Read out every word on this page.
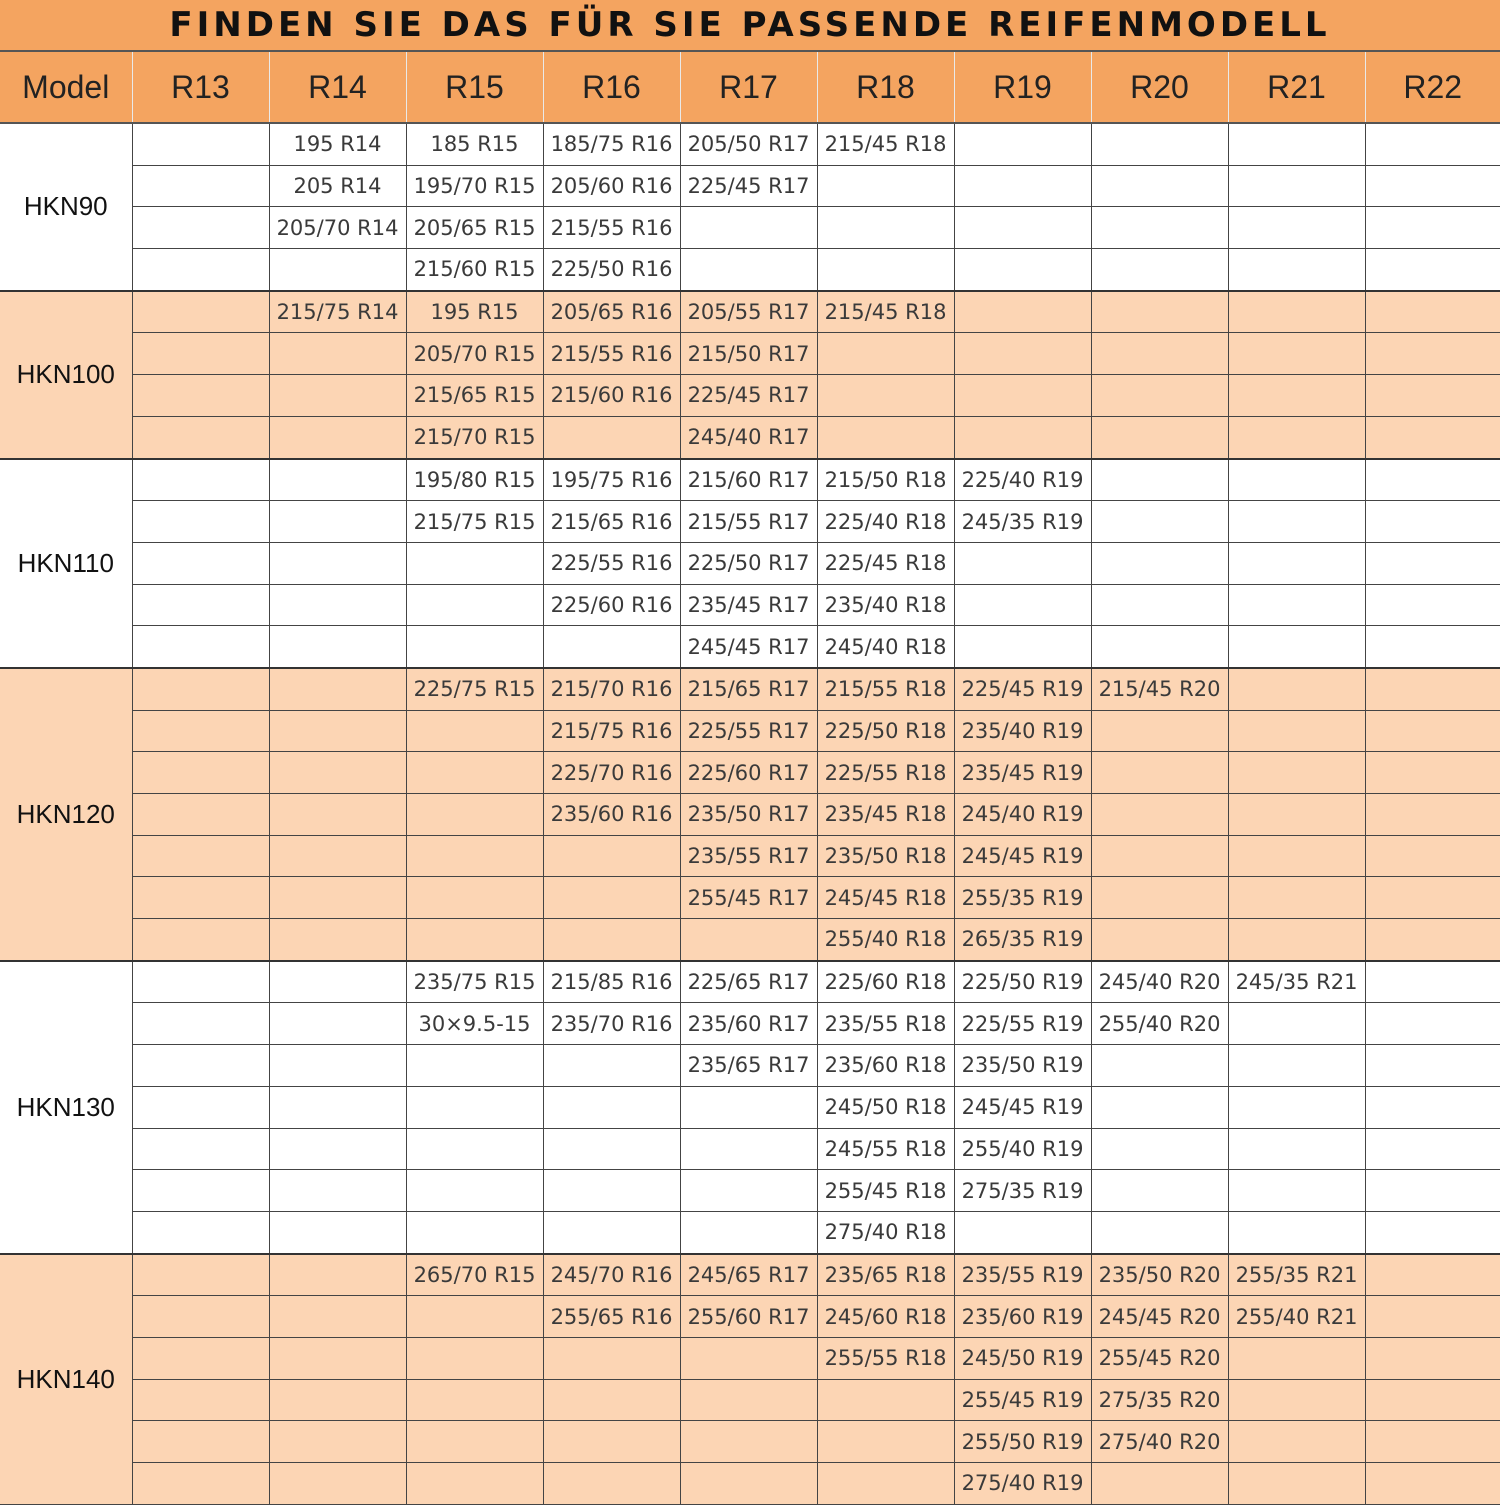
FINDEN SIE DAS FÜR SIE PASSENDE REIFENMODELL
Model	R13	R14	R15	R16	R17	R18	R19	R20	R21	R22
HKN90		195 R14	185 R15	185/75 R16	205/50 R17	215/45 R18				
		205 R14	195/70 R15	205/60 R16	225/45 R17					
		205/70 R14	205/65 R15	215/55 R16						
			215/60 R15	225/50 R16						
HKN100		215/75 R14	195 R15	205/65 R16	205/55 R17	215/45 R18				
			205/70 R15	215/55 R16	215/50 R17					
			215/65 R15	215/60 R16	225/45 R17					
			215/70 R15		245/40 R17					
HKN110			195/80 R15	195/75 R16	215/60 R17	215/50 R18	225/40 R19			
			215/75 R15	215/65 R16	215/55 R17	225/40 R18	245/35 R19			
				225/55 R16	225/50 R17	225/45 R18				
				225/60 R16	235/45 R17	235/40 R18				
					245/45 R17	245/40 R18				
HKN120			225/75 R15	215/70 R16	215/65 R17	215/55 R18	225/45 R19	215/45 R20		
				215/75 R16	225/55 R17	225/50 R18	235/40 R19			
				225/70 R16	225/60 R17	225/55 R18	235/45 R19			
				235/60 R16	235/50 R17	235/45 R18	245/40 R19			
					235/55 R17	235/50 R18	245/45 R19			
					255/45 R17	245/45 R18	255/35 R19			
						255/40 R18	265/35 R19			
HKN130			235/75 R15	215/85 R16	225/65 R17	225/60 R18	225/50 R19	245/40 R20	245/35 R21	
			30×9.5-15	235/70 R16	235/60 R17	235/55 R18	225/55 R19	255/40 R20		
					235/65 R17	235/60 R18	235/50 R19			
						245/50 R18	245/45 R19			
						245/55 R18	255/40 R19			
						255/45 R18	275/35 R19			
						275/40 R18				
HKN140			265/70 R15	245/70 R16	245/65 R17	235/65 R18	235/55 R19	235/50 R20	255/35 R21	
				255/65 R16	255/60 R17	245/60 R18	235/60 R19	245/45 R20	255/40 R21	
						255/55 R18	245/50 R19	255/45 R20		
							255/45 R19	275/35 R20		
							255/50 R19	275/40 R20		
							275/40 R19			
